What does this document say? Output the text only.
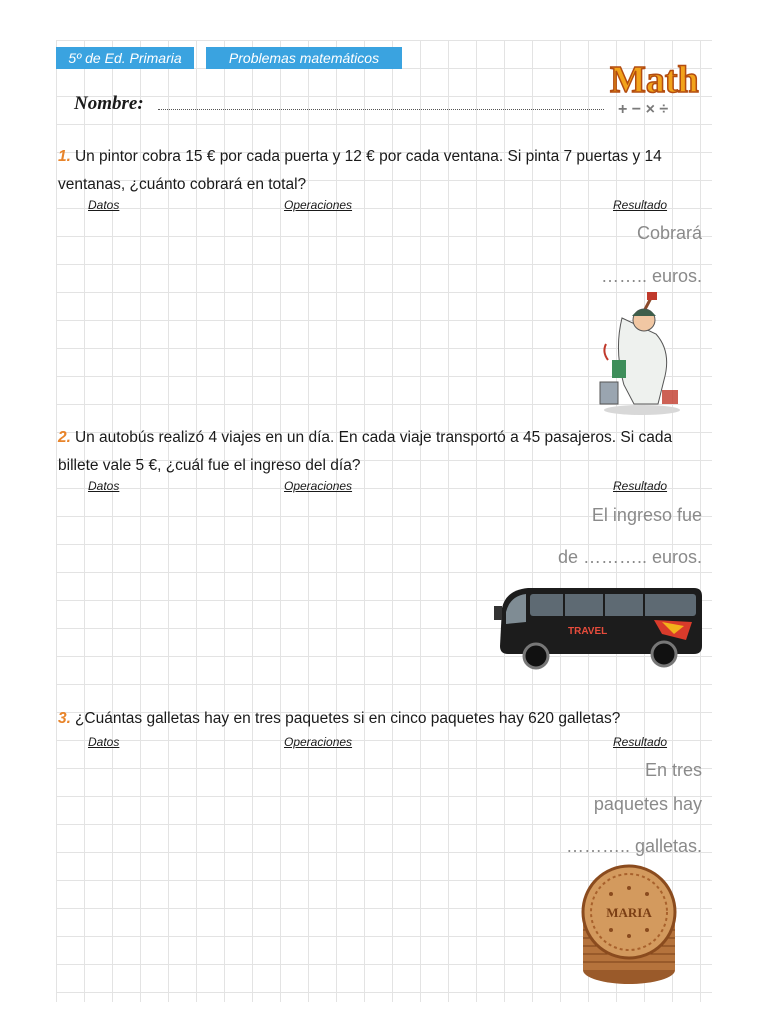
5º de Ed. Primaria	Problemas matemáticos
Nombre:
Math
+ − × ÷
1. Un pintor cobra 15 € por cada puerta y 12 € por cada ventana. Si pinta 7 puertas y 14 ventanas, ¿cuánto cobrará en total?
Datos	Operaciones	Resultado
Cobrará
…….. euros.
2. Un autobús realizó 4 viajes en un día. En cada viaje transportó a 45 pasajeros. Si cada billete vale 5 €, ¿cuál fue el ingreso del día?
Datos	Operaciones	Resultado
El ingreso fue
de ……….. euros.
TRAVEL
3. ¿Cuántas galletas hay en tres paquetes si en cinco paquetes hay 620 galletas?
Datos	Operaciones	Resultado
En tres
paquetes hay
……….. galletas.
MARIA
